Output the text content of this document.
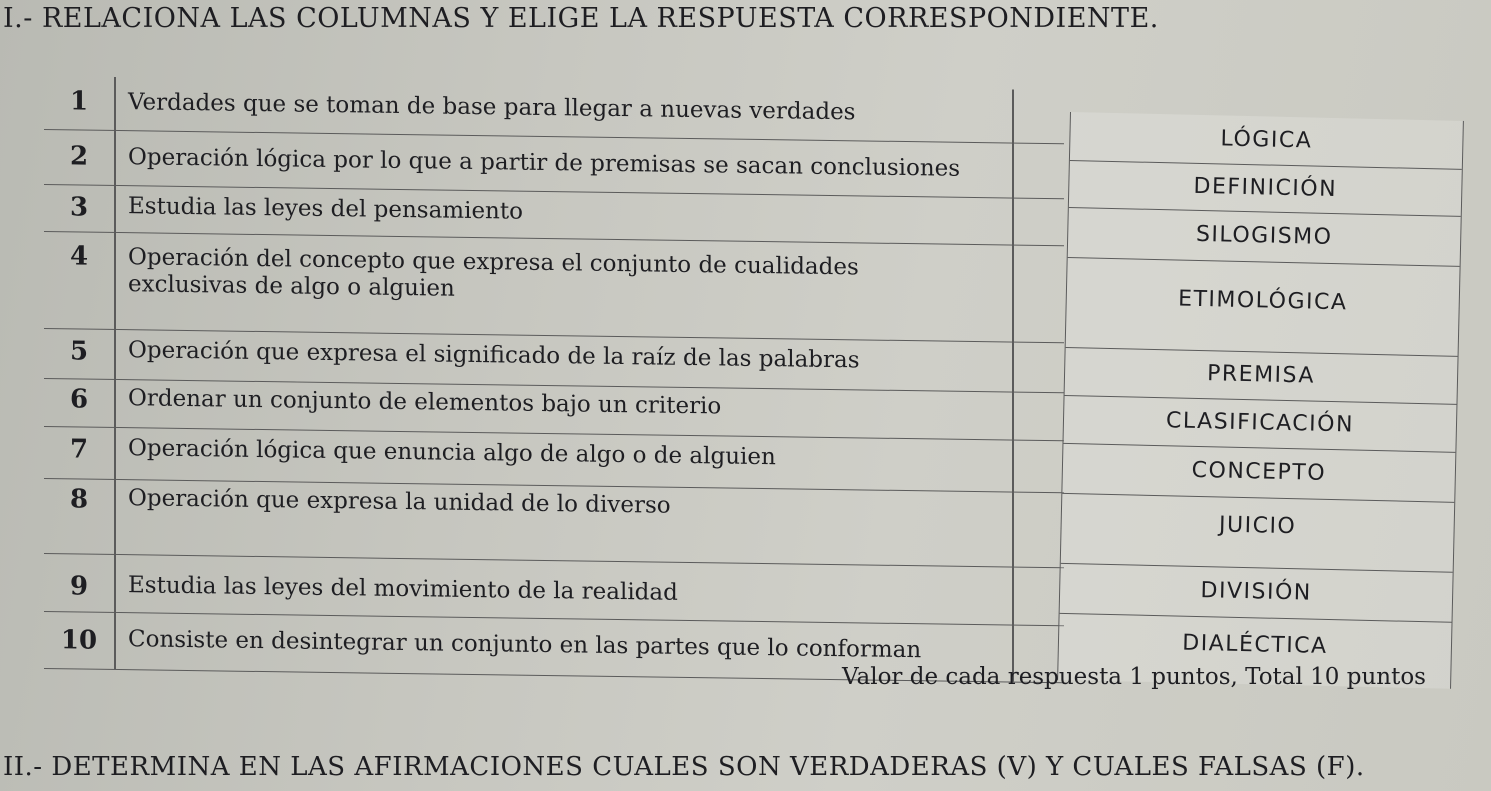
I.- RELACIONA LAS COLUMNAS Y ELIGE LA RESPUESTA CORRESPONDIENTE.
1	Verdades que se toman de base para llegar a nuevas verdades
2	Operación lógica por lo que a partir de premisas se sacan conclusiones
3	Estudia las leyes del pensamiento
4	Operación del concepto que expresa el conjunto de cualidades exclusivas de algo o alguien
5	Operación que expresa el significado de la raíz de las palabras
6	Ordenar un conjunto de elementos bajo un criterio
7	Operación lógica que enuncia algo de algo o de alguien
8	Operación que expresa la unidad de lo diverso
9	Estudia las leyes del movimiento de la realidad
10	Consiste en desintegrar un conjunto en las partes que lo conforman
LÓGICA
DEFINICIÓN
SILOGISMO
ETIMOLÓGICA
PREMISA
CLASIFICACIÓN
CONCEPTO
JUICIO
DIVISIÓN
DIALÉCTICA
Valor de cada respuesta 1 puntos, Total 10 puntos
II.- DETERMINA EN LAS AFIRMACIONES CUALES SON VERDADERAS (V) Y CUALES FALSAS (F).
